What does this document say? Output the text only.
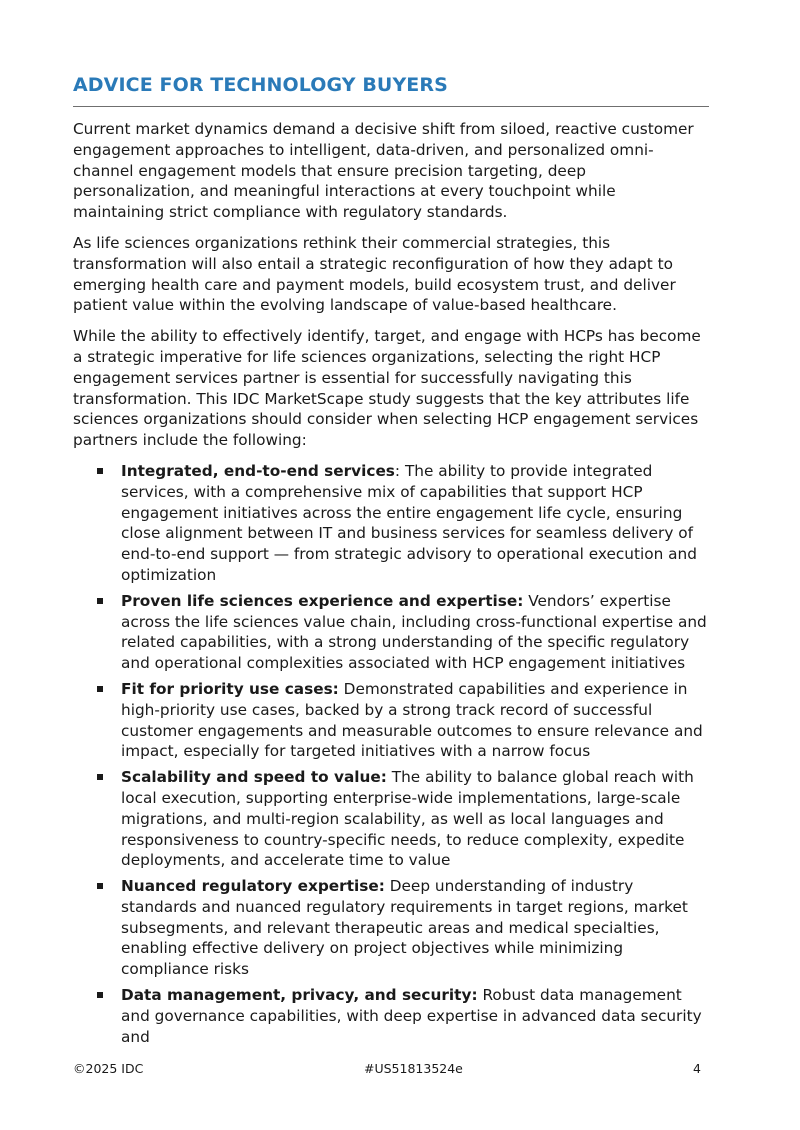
ADVICE FOR TECHNOLOGY BUYERS

Current market dynamics demand a decisive shift from siloed, reactive customer engagement approaches to intelligent, data-driven, and personalized omni-channel engagement models that ensure precision targeting, deep personalization, and meaningful interactions at every touchpoint while maintaining strict compliance with regulatory standards.

As life sciences organizations rethink their commercial strategies, this transformation will also entail a strategic reconfiguration of how they adapt to emerging health care and payment models, build ecosystem trust, and deliver patient value within the evolving landscape of value-based healthcare.

While the ability to effectively identify, target, and engage with HCPs has become a strategic imperative for life sciences organizations, selecting the right HCP engagement services partner is essential for successfully navigating this transformation. This IDC MarketScape study suggests that the key attributes life sciences organizations should consider when selecting HCP engagement services partners include the following:

Integrated, end-to-end services: The ability to provide integrated services, with a comprehensive mix of capabilities that support HCP engagement initiatives across the entire engagement life cycle, ensuring close alignment between IT and business services for seamless delivery of end-to-end support — from strategic advisory to operational execution and optimization
Proven life sciences experience and expertise: Vendors’ expertise across the life sciences value chain, including cross-functional expertise and related capabilities, with a strong understanding of the specific regulatory and operational complexities associated with HCP engagement initiatives
Fit for priority use cases: Demonstrated capabilities and experience in high-priority use cases, backed by a strong track record of successful customer engagements and measurable outcomes to ensure relevance and impact, especially for targeted initiatives with a narrow focus
Scalability and speed to value: The ability to balance global reach with local execution, supporting enterprise-wide implementations, large-scale migrations, and multi-region scalability, as well as local languages and responsiveness to country-specific needs, to reduce complexity, expedite deployments, and accelerate time to value
Nuanced regulatory expertise: Deep understanding of industry standards and nuanced regulatory requirements in target regions, market subsegments, and relevant therapeutic areas and medical specialties, enabling effective delivery on project objectives while minimizing compliance risks
Data management, privacy, and security: Robust data management and governance capabilities, with deep expertise in advanced data security and
©2025 IDC	#US51813524e	4
